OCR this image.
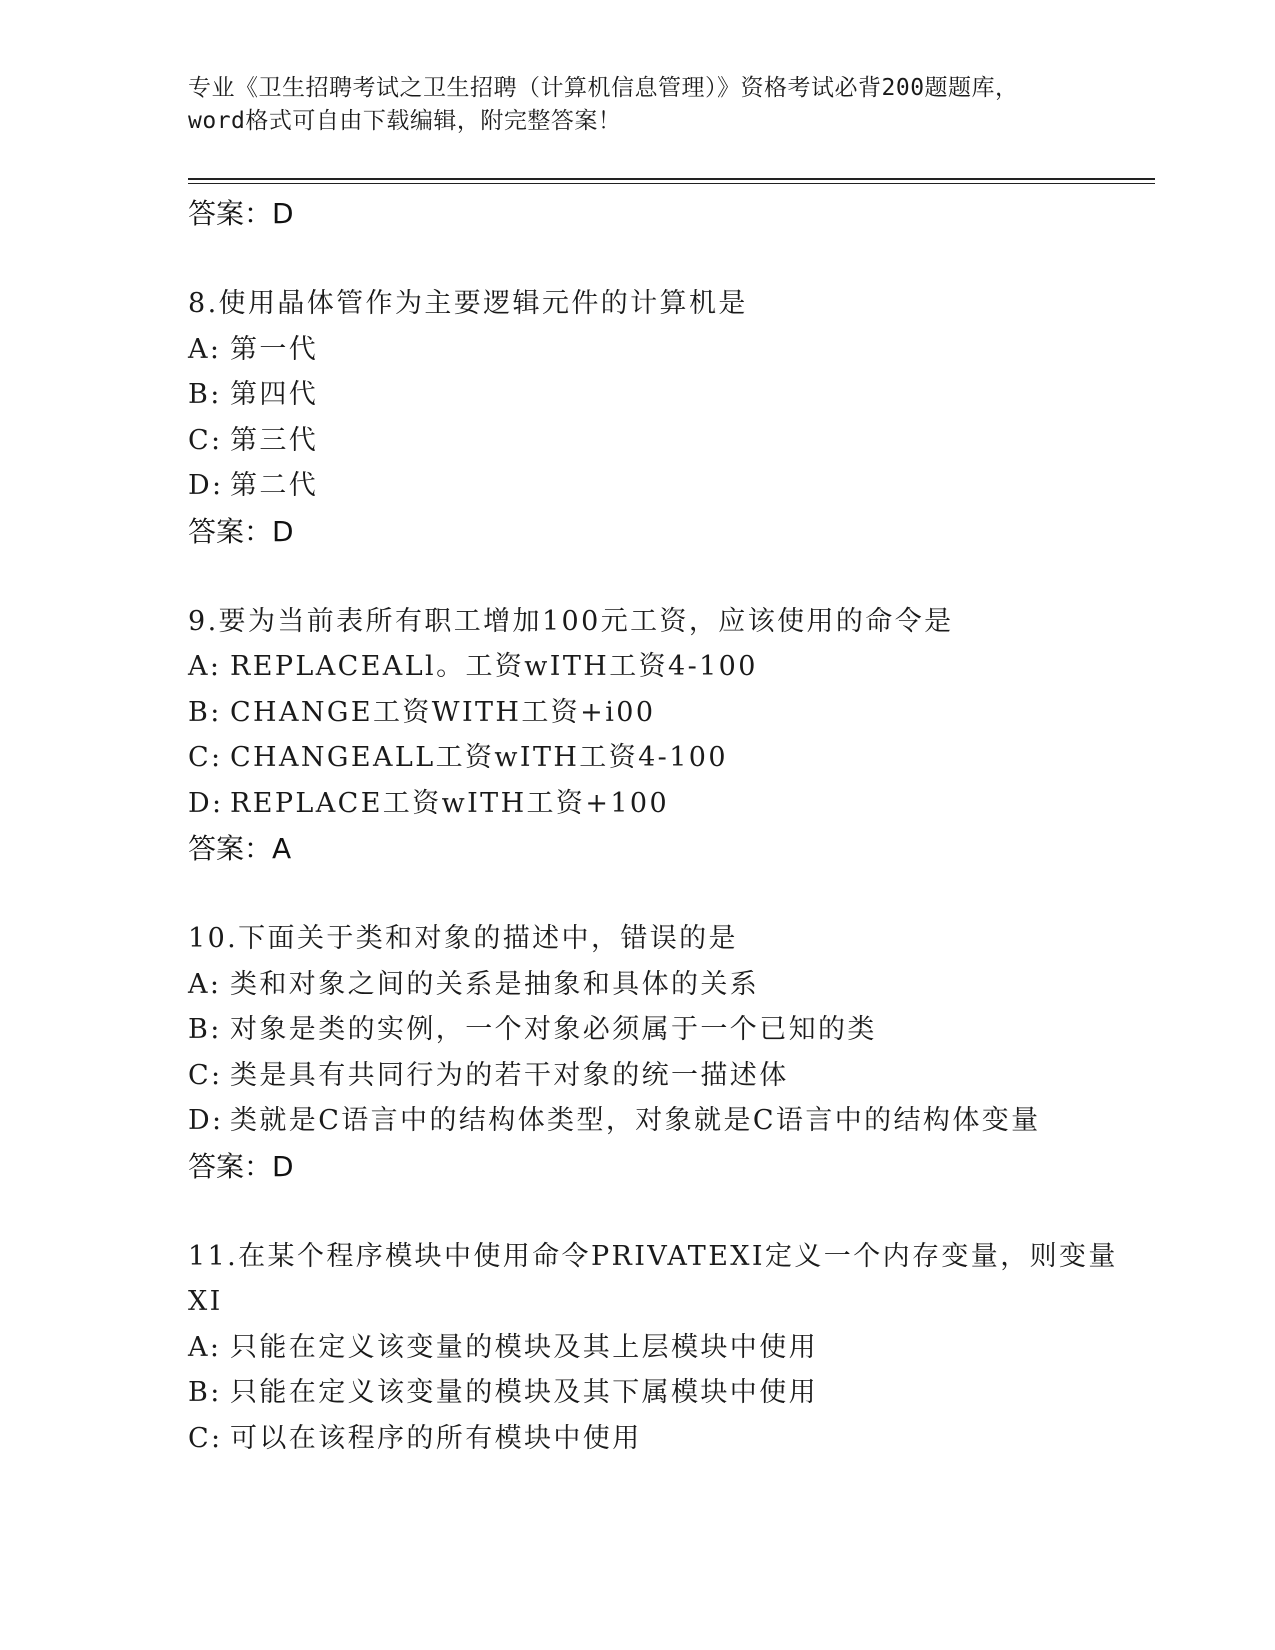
专业《卫生招聘考试之卫生招聘（计算机信息管理）》资格考试必背200题题库，
word格式可自由下载编辑，附完整答案！
答案：D
8.使用晶体管作为主要逻辑元件的计算机是
A: 第一代
B: 第四代
C: 第三代
D: 第二代
答案：D
9.要为当前表所有职工增加100元工资，应该使用的命令是
A: REPLACEALl。工资wITH工资4-100
B: CHANGE工资WITH工资+i00
C: CHANGEALL工资wITH工资4-100
D: REPLACE工资wITH工资+100
答案：A
10.下面关于类和对象的描述中，错误的是
A: 类和对象之间的关系是抽象和具体的关系
B: 对象是类的实例，一个对象必须属于一个已知的类
C: 类是具有共同行为的若干对象的统一描述体
D: 类就是C语言中的结构体类型，对象就是C语言中的结构体变量
答案：D
11.在某个程序模块中使用命令PRIVATEXI定义一个内存变量，则变量
XI
A: 只能在定义该变量的模块及其上层模块中使用
B: 只能在定义该变量的模块及其下属模块中使用
C: 可以在该程序的所有模块中使用
